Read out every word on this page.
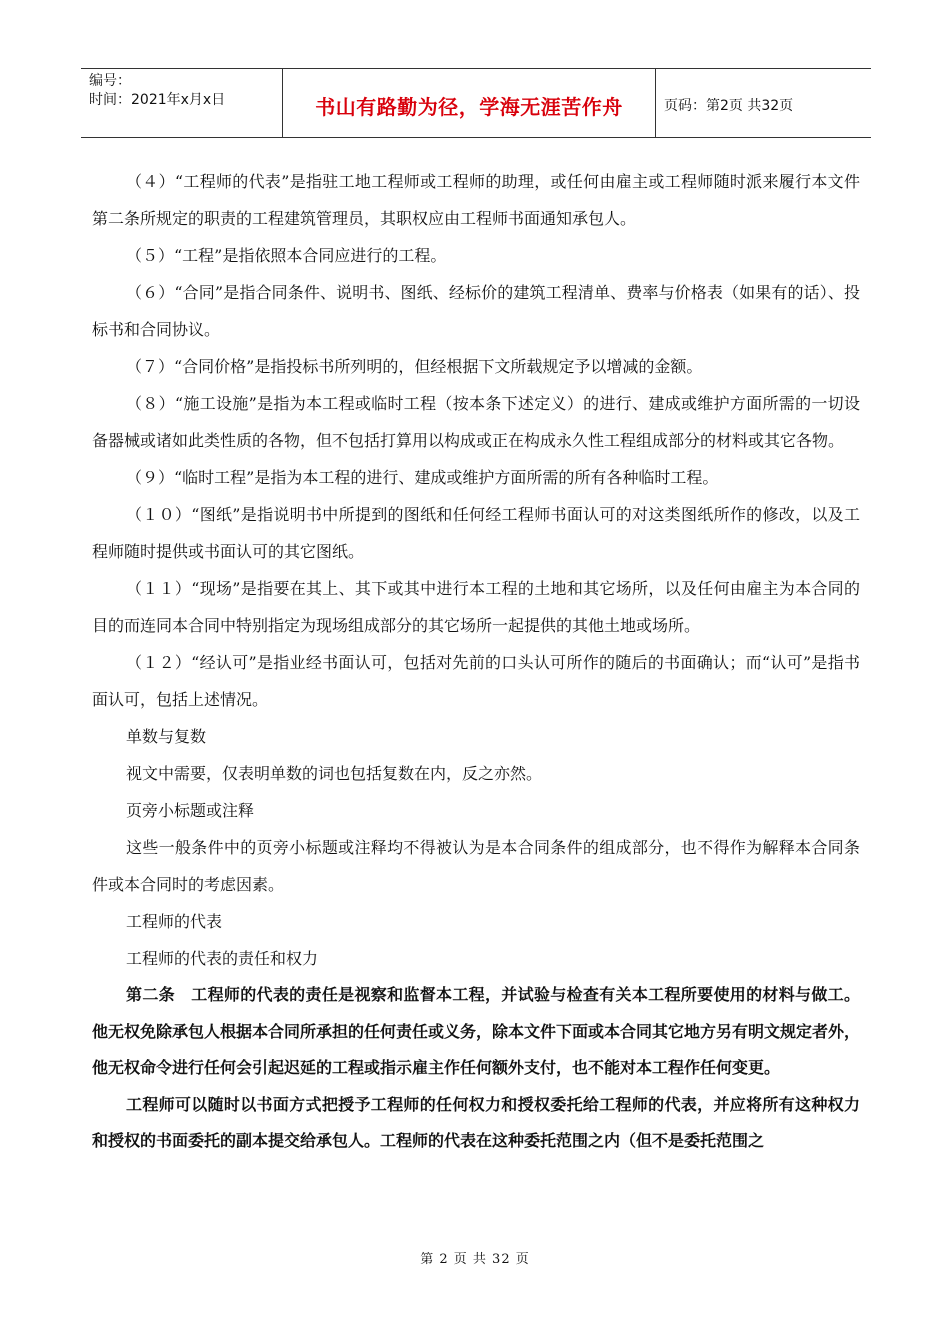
编号：
时间：2021年x月x日	书山有路勤为径，学海无涯苦作舟	页码：第2页 共32页

（４）“工程师的代表”是指驻工地工程师或工程师的助理，或任何由雇主或工程师随时派来履行本文件第二条所规定的职责的工程建筑管理员，其职权应由工程师书面通知承包人。

（５）“工程”是指依照本合同应进行的工程。

（６）“合同”是指合同条件、说明书、图纸、经标价的建筑工程清单、费率与价格表（如果有的话）、投标书和合同协议。

（７）“合同价格”是指投标书所列明的，但经根据下文所载规定予以增减的金额。

（８）“施工设施”是指为本工程或临时工程（按本条下述定义）的进行、建成或维护方面所需的一切设备器械或诸如此类性质的各物，但不包括打算用以构成或正在构成永久性工程组成部分的材料或其它各物。

（９）“临时工程”是指为本工程的进行、建成或维护方面所需的所有各种临时工程。

（１０）“图纸”是指说明书中所提到的图纸和任何经工程师书面认可的对这类图纸所作的修改，以及工程师随时提供或书面认可的其它图纸。

（１１）“现场”是指要在其上、其下或其中进行本工程的土地和其它场所，以及任何由雇主为本合同的目的而连同本合同中特别指定为现场组成部分的其它场所一起提供的其他土地或场所。

（１２）“经认可”是指业经书面认可，包括对先前的口头认可所作的随后的书面确认；而“认可”是指书面认可，包括上述情况。

单数与复数

视文中需要，仅表明单数的词也包括复数在内，反之亦然。

页旁小标题或注释

这些一般条件中的页旁小标题或注释均不得被认为是本合同条件的组成部分，也不得作为解释本合同条件或本合同时的考虑因素。

工程师的代表

工程师的代表的责任和权力

第二条　工程师的代表的责任是视察和监督本工程，并试验与检查有关本工程所要使用的材料与做工。他无权免除承包人根据本合同所承担的任何责任或义务，除本文件下面或本合同其它地方另有明文规定者外，他无权命令进行任何会引起迟延的工程或指示雇主作任何额外支付，也不能对本工程作任何变更。

工程师可以随时以书面方式把授予工程师的任何权力和授权委托给工程师的代表，并应将所有这种权力和授权的书面委托的副本提交给承包人。工程师的代表在这种委托范围之内（但不是委托范围之

第 2 页 共 32 页
